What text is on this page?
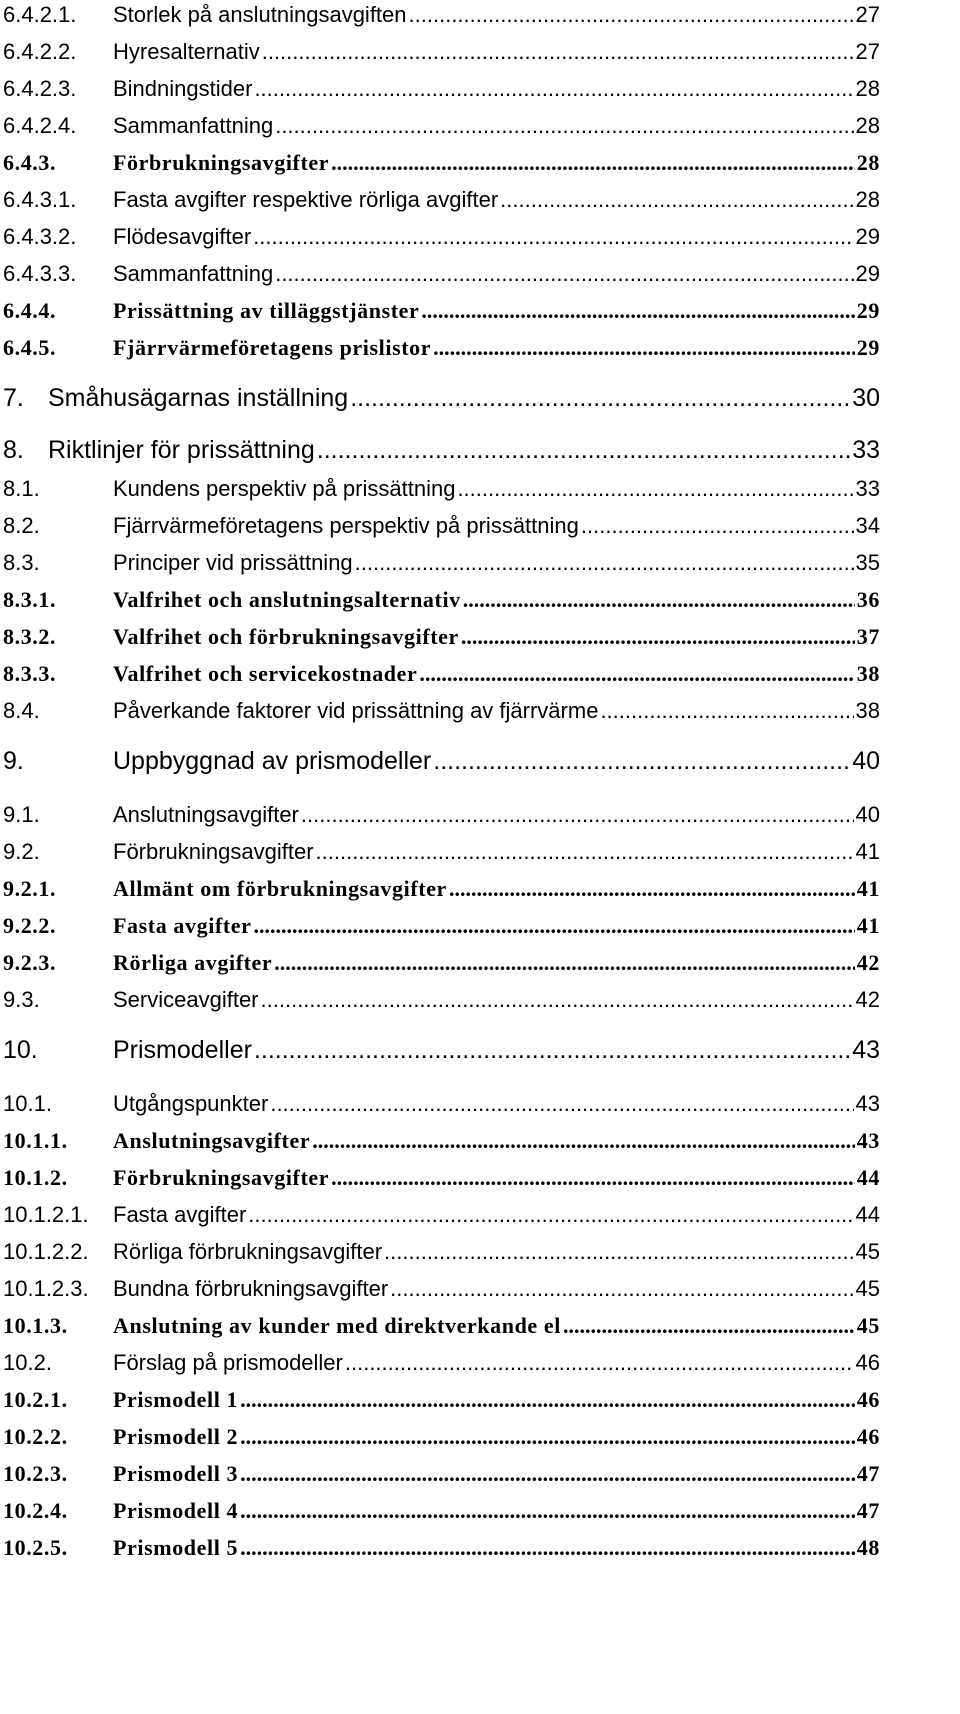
6.4.2.1. Storlek på anslutningsavgiften .....	27
6.4.2.2. Hyresalternativ .....	27
6.4.2.3. Bindningstider .....	28
6.4.2.4. Sammanfattning .....	28
6.4.3.	Förbrukningsavgifter .....	28
6.4.3.1. Fasta avgifter respektive rörliga avgifter .....	28
6.4.3.2. Flödesavgifter .....	29
6.4.3.3. Sammanfattning .....	29
6.4.4.	Prissättning av tilläggstjänster .....	29
6.4.5.	Fjärrvärmeföretagens prislistor .....	29
7. Småhusägarnas inställning .....	30
8. Riktlinjer för prissättning .....	33
8.1.	Kundens perspektiv på prissättning .....	33
8.2.	Fjärrvärmeföretagens perspektiv på prissättning .....	34
8.3.	Principer vid prissättning .....	35
8.3.1.	Valfrihet och anslutningsalternativ .....	36
8.3.2.	Valfrihet och förbrukningsavgifter .....	37
8.3.3.	Valfrihet och servicekostnader .....	38
8.4.	Påverkande faktorer vid prissättning av fjärrvärme .....	38
9.	Uppbyggnad av prismodeller .....	40
9.1.	Anslutningsavgifter .....	40
9.2.	Förbrukningsavgifter .....	41
9.2.1.	Allmänt om förbrukningsavgifter .....	41
9.2.2.	Fasta avgifter .....	41
9.2.3.	Rörliga avgifter .....	42
9.3.	Serviceavgifter .....	42
10.	Prismodeller .....	43
10.1.	Utgångspunkter .....	43
10.1.1. Anslutningsavgifter .....	43
10.1.2. Förbrukningsavgifter .....	44
10.1.2.1. Fasta avgifter .....	44
10.1.2.2. Rörliga förbrukningsavgifter .....	45
10.1.2.3. Bundna förbrukningsavgifter .....	45
10.1.3. Anslutning av kunder med direktverkande el .....	45
10.2.	Förslag på prismodeller .....	46
10.2.1. Prismodell 1 .....	46
10.2.2. Prismodell 2 .....	46
10.2.3. Prismodell 3 .....	47
10.2.4. Prismodell 4 .....	47
10.2.5. Prismodell 5 .....	48
